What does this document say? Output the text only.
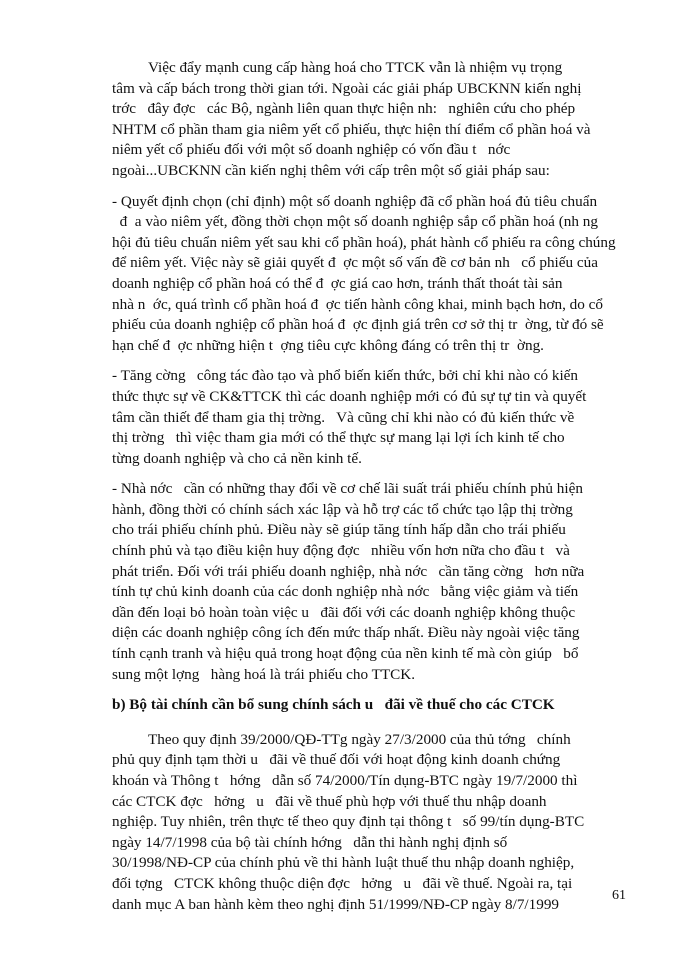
Việc đẩy mạnh cung cấp hàng hoá cho TTCK vẫn là nhiệm vụ trọng
tâm và cấp bách trong thời gian tới. Ngoài các giải pháp UBCKNN kiến nghị
trớc   đây đợc   các Bộ, ngành liên quan thực hiện nh:   nghiên cứu cho phép
NHTM cổ phần tham gia niêm yết cổ phiếu, thực hiện thí điểm cổ phần hoá và
niêm yết cổ phiếu đối với một số doanh nghiệp có vốn đầu t   nớc
ngoài...UBCKNN cần kiến nghị thêm với cấp trên một số giải pháp sau:
- Quyết định chọn (chỉ định) một số doanh nghiệp đã cổ phần hoá đủ tiêu chuẩn
đ  a vào niêm yết, đồng thời chọn một số doanh nghiệp sắp cổ phần hoá (nh ng
hội đủ tiêu chuẩn niêm yết sau khi cổ phần hoá), phát hành cổ phiếu ra công chúng
để niêm yết. Việc này sẽ giải quyết đ  ợc một số vấn đề cơ bản nh   cổ phiếu của
doanh nghiệp cổ phần hoá có thể đ  ợc giá cao hơn, tránh thất thoát tài sản
nhà n  ớc, quá trình cổ phần hoá đ  ợc tiến hành công khai, minh bạch hơn, do cổ
phiếu của doanh nghiệp cổ phần hoá đ  ợc định giá trên cơ sở thị tr  ờng, từ đó sẽ
hạn chế đ  ợc những hiện t  ợng tiêu cực không đáng có trên thị tr  ờng.
- Tăng cờng   công tác đào tạo và phổ biến kiến thức, bởi chỉ khi nào có kiến
thức thực sự về CK&TTCK thì các doanh nghiệp mới có đủ sự tự tin và quyết
tâm cần thiết để tham gia thị trờng.   Và cũng chỉ khi nào có đủ kiến thức về
thị trờng   thì việc tham gia mới có thể thực sự mang lại lợi ích kinh tế cho
từng doanh nghiệp và cho cả nền kinh tế.
- Nhà nớc   cần có những thay đổi về cơ chế lãi suất trái phiếu chính phủ hiện
hành, đồng thời có chính sách xác lập và hỗ trợ các tổ chức tạo lập thị trờng
cho trái phiếu chính phủ. Điều này sẽ giúp tăng tính hấp dẫn cho trái phiếu
chính phủ và tạo điều kiện huy động đợc   nhiều vốn hơn nữa cho đầu t   và
phát triển. Đối với trái phiếu doanh nghiệp, nhà nớc   cần tăng cờng   hơn nữa
tính tự chủ kinh doanh của các donh nghiệp nhà nớc   bằng việc giảm và tiến
dần đến loại bỏ hoàn toàn việc u   đãi đối với các doanh nghiệp không thuộc
diện các doanh nghiệp công ích đến mức thấp nhất. Điều này ngoài việc tăng
tính cạnh tranh và hiệu quả trong hoạt động của nền kinh tế mà còn giúp   bổ
sung một lợng   hàng hoá là trái phiếu cho TTCK.
b) Bộ tài chính cần bổ sung chính sách u   đãi về thuế cho các CTCK
Theo quy định 39/2000/QĐ-TTg ngày 27/3/2000 của thủ tớng   chính
phủ quy định tạm thời u   đãi về thuế đối với hoạt động kinh doanh chứng
khoán và Thông t   hớng   dẫn số 74/2000/Tín dụng-BTC ngày 19/7/2000 thì
các CTCK đợc   hởng   u   đãi về thuế phù hợp với thuế thu nhập doanh
nghiệp. Tuy nhiên, trên thực tế theo quy định tại thông t   số 99/tín dụng-BTC
ngày 14/7/1998 của bộ tài chính hớng   dẫn thi hành nghị định số
30/1998/NĐ-CP của chính phủ về thi hành luật thuế thu nhập doanh nghiệp,
đối tợng   CTCK không thuộc diện đợc   hởng   u   đãi về thuế. Ngoài ra, tại
danh mục A ban hành kèm theo nghị định 51/1999/NĐ-CP ngày 8/7/1999
61
